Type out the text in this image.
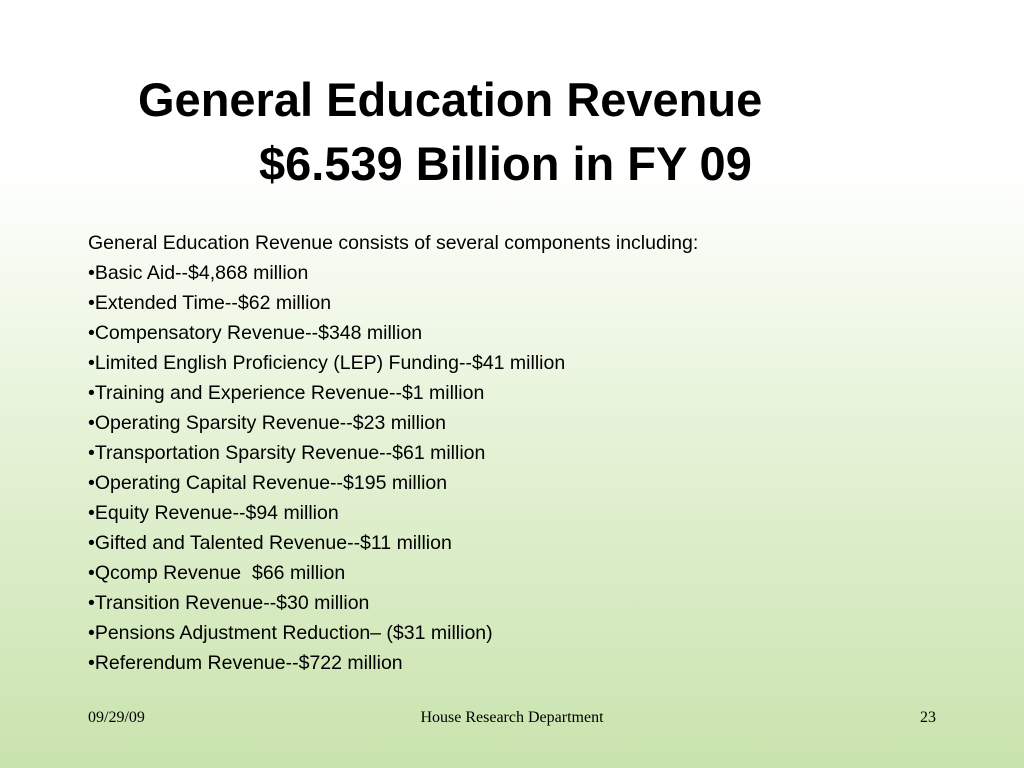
General Education Revenue
$6.539 Billion in FY 09
General Education Revenue consists of several components including:
•Basic Aid--$4,868 million
•Extended Time--$62 million
•Compensatory Revenue--$348 million
•Limited English Proficiency (LEP) Funding--$41 million
•Training and Experience Revenue--$1 million
•Operating Sparsity Revenue--$23 million
•Transportation Sparsity Revenue--$61 million
•Operating Capital Revenue--$195 million
•Equity Revenue--$94 million
•Gifted and Talented Revenue--$11 million
•Qcomp Revenue  $66 million
•Transition Revenue--$30 million
•Pensions Adjustment Reduction– ($31 million)
•Referendum Revenue--$722 million
09/29/09	House Research Department	23
